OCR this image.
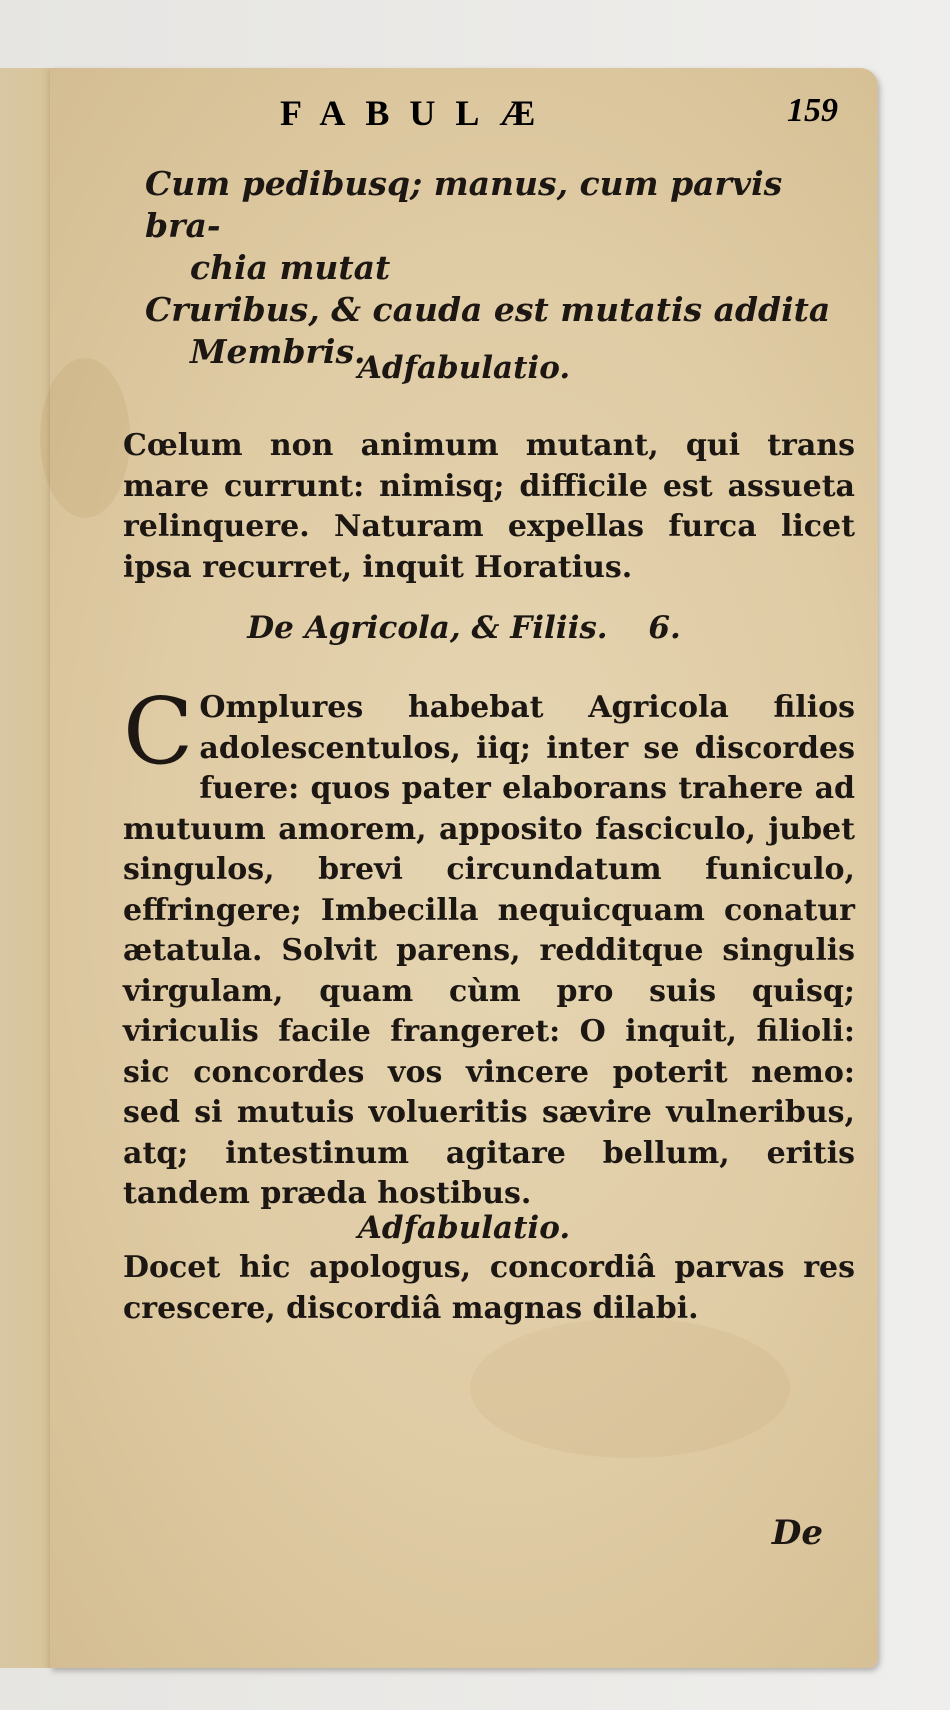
FABULÆ	159
Cum pedibusq; manus, cum parvis bra-
chia mutat
Cruribus, & cauda est mutatis addita
Membris.
Adfabulatio.

Cœlum non animum mutant, qui trans mare currunt: nimisq; difficile est assueta relinquere. Naturam expellas furca licet ipsa recurret, inquit Horatius.

De Agricola, & Filiis. 6.

C Omplures habebat Agricola filios adolescentulos, iiq; inter se discordes fuere: quos pater elaborans trahere ad mutuum amorem, apposito fasciculo, jubet singulos, brevi circundatum funiculo, effringere; Imbecilla nequicquam conatur ætatula. Solvit parens, redditque singulis virgulam, quam cùm pro suis quisq; viriculis facile frangeret: O inquit, filioli: sic concordes vos vincere poterit nemo: sed si mutuis volueritis sævire vulneribus, atq; intestinum agitare bellum, eritis tandem præda hostibus.

Adfabulatio.

Docet hic apologus, concordiâ parvas res crescere, discordiâ magnas dilabi.

De
